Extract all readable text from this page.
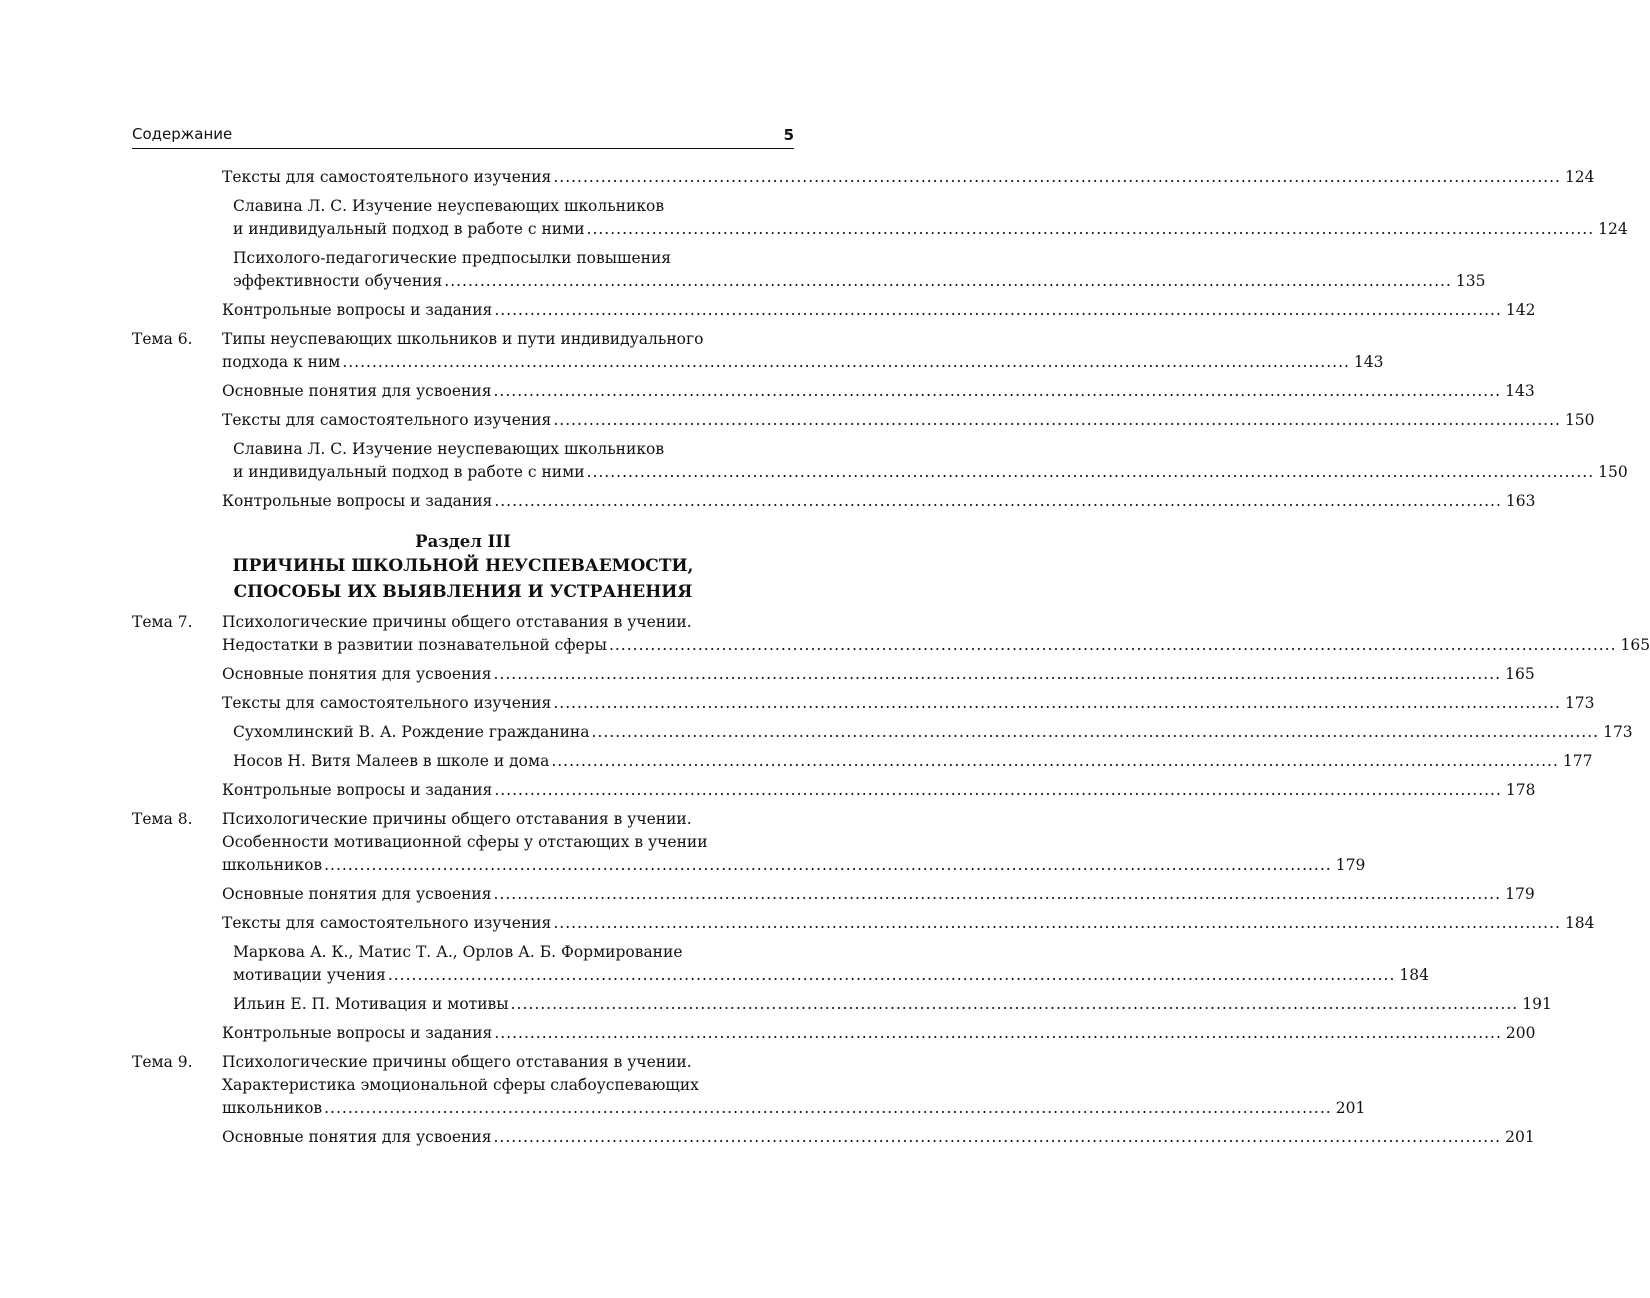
Содержание	5
Тексты для самостоятельного изучения .......................................................................................................................................................................... 124
Славина Л. С. Изучение неуспевающих школьников
и индивидуальный подход в работе с ними .......................................................................................................................................................................... 124
Психолого-педагогические предпосылки повышения
эффективности обучения .......................................................................................................................................................................... 135
Контрольные вопросы и задания .......................................................................................................................................................................... 142
Тема 6. Типы неуспевающих школьников и пути индивидуального
подхода к ним .......................................................................................................................................................................... 143
Основные понятия для усвоения .......................................................................................................................................................................... 143
Тексты для самостоятельного изучения .......................................................................................................................................................................... 150
Славина Л. С. Изучение неуспевающих школьников
и индивидуальный подход в работе с ними .......................................................................................................................................................................... 150
Контрольные вопросы и задания .......................................................................................................................................................................... 163
Раздел III
ПРИЧИНЫ ШКОЛЬНОЙ НЕУСПЕВАЕМОСТИ,
СПОСОБЫ ИХ ВЫЯВЛЕНИЯ И УСТРАНЕНИЯ
Тема 7. Психологические причины общего отставания в учении.
Недостатки в развитии познавательной сферы .......................................................................................................................................................................... 165
Основные понятия для усвоения .......................................................................................................................................................................... 165
Тексты для самостоятельного изучения .......................................................................................................................................................................... 173
Сухомлинский В. А. Рождение гражданина .......................................................................................................................................................................... 173
Носов Н. Витя Малеев в школе и дома .......................................................................................................................................................................... 177
Контрольные вопросы и задания .......................................................................................................................................................................... 178
Тема 8. Психологические причины общего отставания в учении.
Особенности мотивационной сферы у отстающих в учении
школьников .......................................................................................................................................................................... 179
Основные понятия для усвоения .......................................................................................................................................................................... 179
Тексты для самостоятельного изучения .......................................................................................................................................................................... 184
Маркова А. К., Матис Т. А., Орлов А. Б. Формирование
мотивации учения .......................................................................................................................................................................... 184
Ильин Е. П. Мотивация и мотивы .......................................................................................................................................................................... 191
Контрольные вопросы и задания .......................................................................................................................................................................... 200
Тема 9. Психологические причины общего отставания в учении.
Характеристика эмоциональной сферы слабоуспевающих
школьников .......................................................................................................................................................................... 201
Основные понятия для усвоения .......................................................................................................................................................................... 201
